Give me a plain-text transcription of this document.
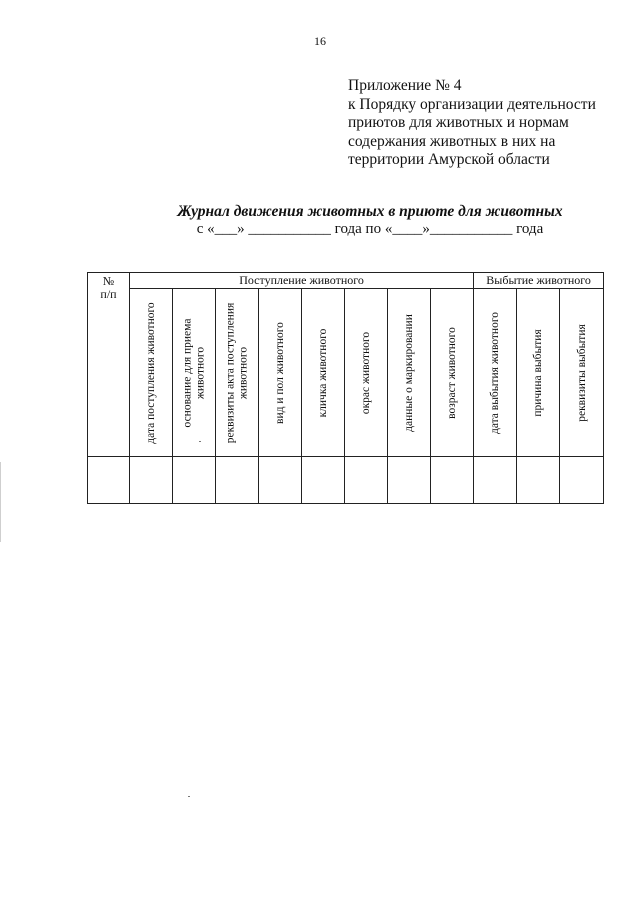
16
Приложение № 4
к Порядку организации деятельности
приютов для животных и нормам
содержания животных в них на
территории Амурской области
Журнал движения животных в приюте для животных
с «___» ___________ года по «____»___________ года
№
п/п	Поступление животного								Выбытие животного		

	дата поступления животного	основание для приема животного	реквизиты акта поступления животного	вид и пол животного	кличка животного	окрас животного	данные о маркировании	возраст животного	дата выбытия животного	причина выбытия	реквизиты выбытия
